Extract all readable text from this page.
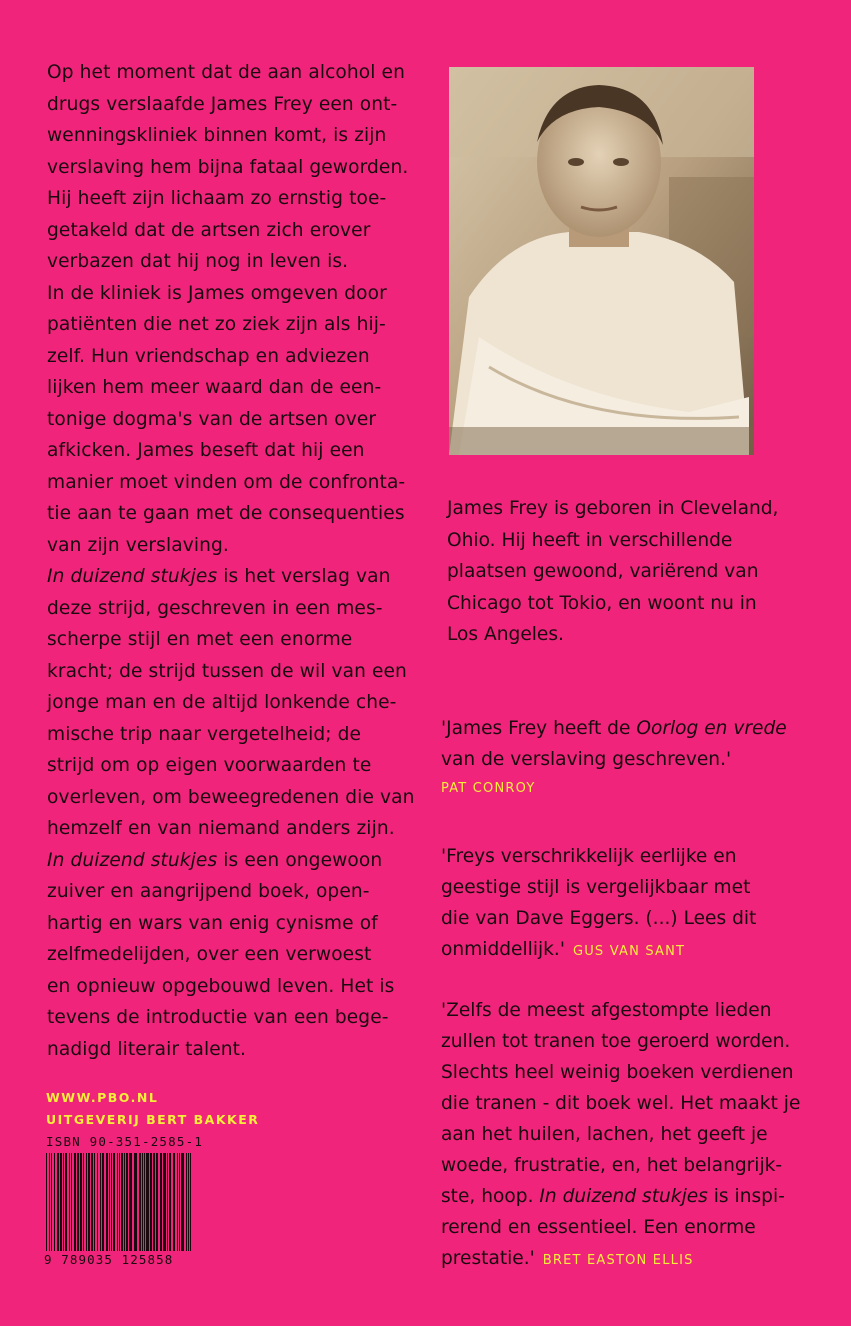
Op het moment dat de aan alcohol en
drugs verslaafde James Frey een ont-
wenningskliniek binnen komt, is zijn
verslaving hem bijna fataal geworden.
Hij heeft zijn lichaam zo ernstig toe-
getakeld dat de artsen zich erover
verbazen dat hij nog in leven is.
In de kliniek is James omgeven door
patiënten die net zo ziek zijn als hij-
zelf. Hun vriendschap en adviezen
lijken hem meer waard dan de een-
tonige dogma's van de artsen over
afkicken. James beseft dat hij een
manier moet vinden om de confronta-
tie aan te gaan met de consequenties
van zijn verslaving.
In duizend stukjes is het verslag van
deze strijd, geschreven in een mes-
scherpe stijl en met een enorme
kracht; de strijd tussen de wil van een
jonge man en de altijd lonkende che-
mische trip naar vergetelheid; de
strijd om op eigen voorwaarden te
overleven, om beweegredenen die van
hemzelf en van niemand anders zijn.
In duizend stukjes is een ongewoon
zuiver en aangrijpend boek, open-
hartig en wars van enig cynisme of
zelfmedelijden, over een verwoest
en opnieuw opgebouwd leven. Het is
tevens de introductie van een bege-
nadigd literair talent.
James Frey is geboren in Cleveland,
Ohio. Hij heeft in verschillende
plaatsen gewoond, variërend van
Chicago tot Tokio, en woont nu in
Los Angeles.
'James Frey heeft de Oorlog en vrede
van de verslaving geschreven.'
PAT CONROY
'Freys verschrikkelijk eerlijke en
geestige stijl is vergelijkbaar met
die van Dave Eggers. (...) Lees dit
onmiddellijk.' GUS VAN SANT
'Zelfs de meest afgestompte lieden
zullen tot tranen toe geroerd worden.
Slechts heel weinig boeken verdienen
die tranen - dit boek wel. Het maakt je
aan het huilen, lachen, het geeft je
woede, frustratie, en, het belangrijk-
ste, hoop. In duizend stukjes is inspi-
rerend en essentieel. Een enorme
prestatie.' BRET EASTON ELLIS
WWW.PBO.NL
UITGEVERIJ BERT BAKKER
ISBN 90-351-2585-1
9 789035 125858
